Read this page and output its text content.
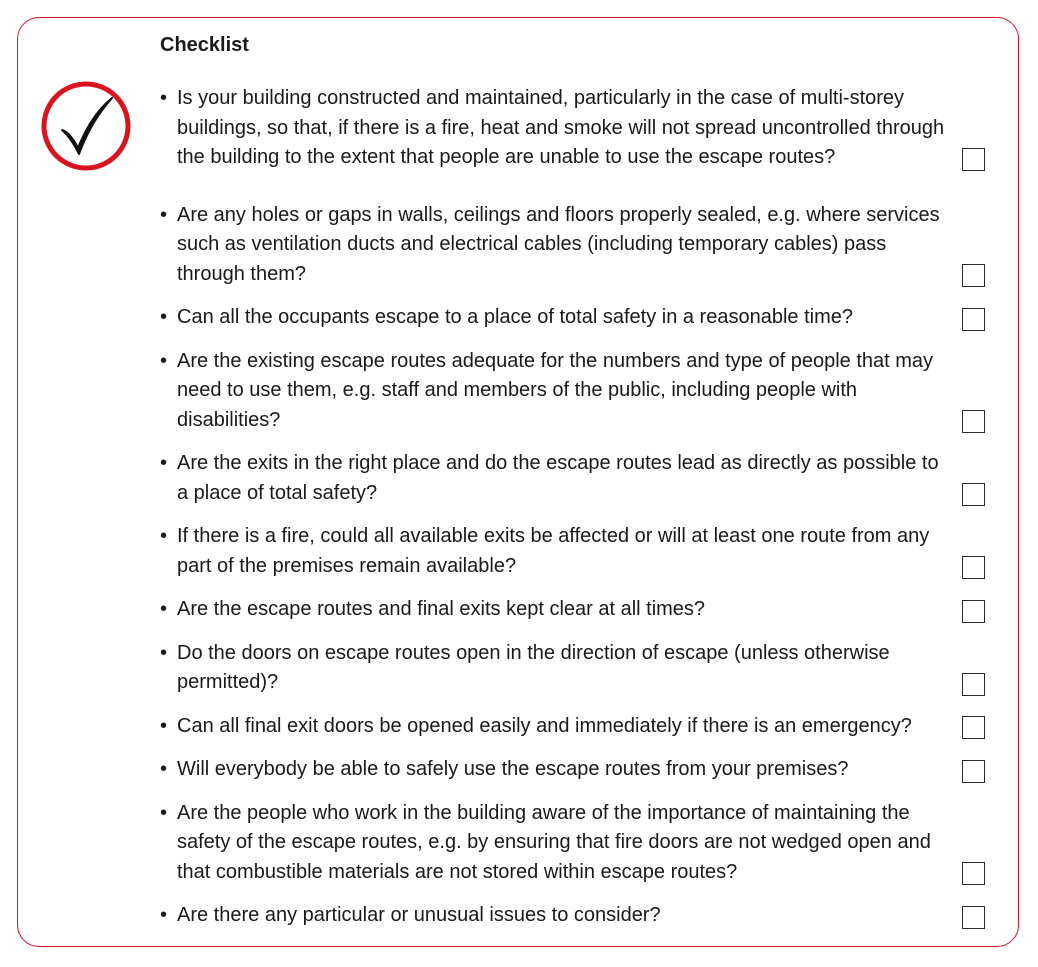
Checklist
• Is your building constructed and maintained, particularly in the case of multi-storey buildings, so that, if there is a fire, heat and smoke will not spread uncontrolled through the building to the extent that people are unable to use the escape routes?
• Are any holes or gaps in walls, ceilings and floors properly sealed, e.g. where services such as ventilation ducts and electrical cables (including temporary cables) pass through them?
• Can all the occupants escape to a place of total safety in a reasonable time?
• Are the existing escape routes adequate for the numbers and type of people that may need to use them, e.g. staff and members of the public, including people with disabilities?
• Are the exits in the right place and do the escape routes lead as directly as possible to a place of total safety?
• If there is a fire, could all available exits be affected or will at least one route from any part of the premises remain available?
• Are the escape routes and final exits kept clear at all times?
• Do the doors on escape routes open in the direction of escape (unless otherwise permitted)?
• Can all final exit doors be opened easily and immediately if there is an emergency?
• Will everybody be able to safely use the escape routes from your premises?
• Are the people who work in the building aware of the importance of maintaining the safety of the escape routes, e.g. by ensuring that fire doors are not wedged open and that combustible materials are not stored within escape routes?
• Are there any particular or unusual issues to consider?
